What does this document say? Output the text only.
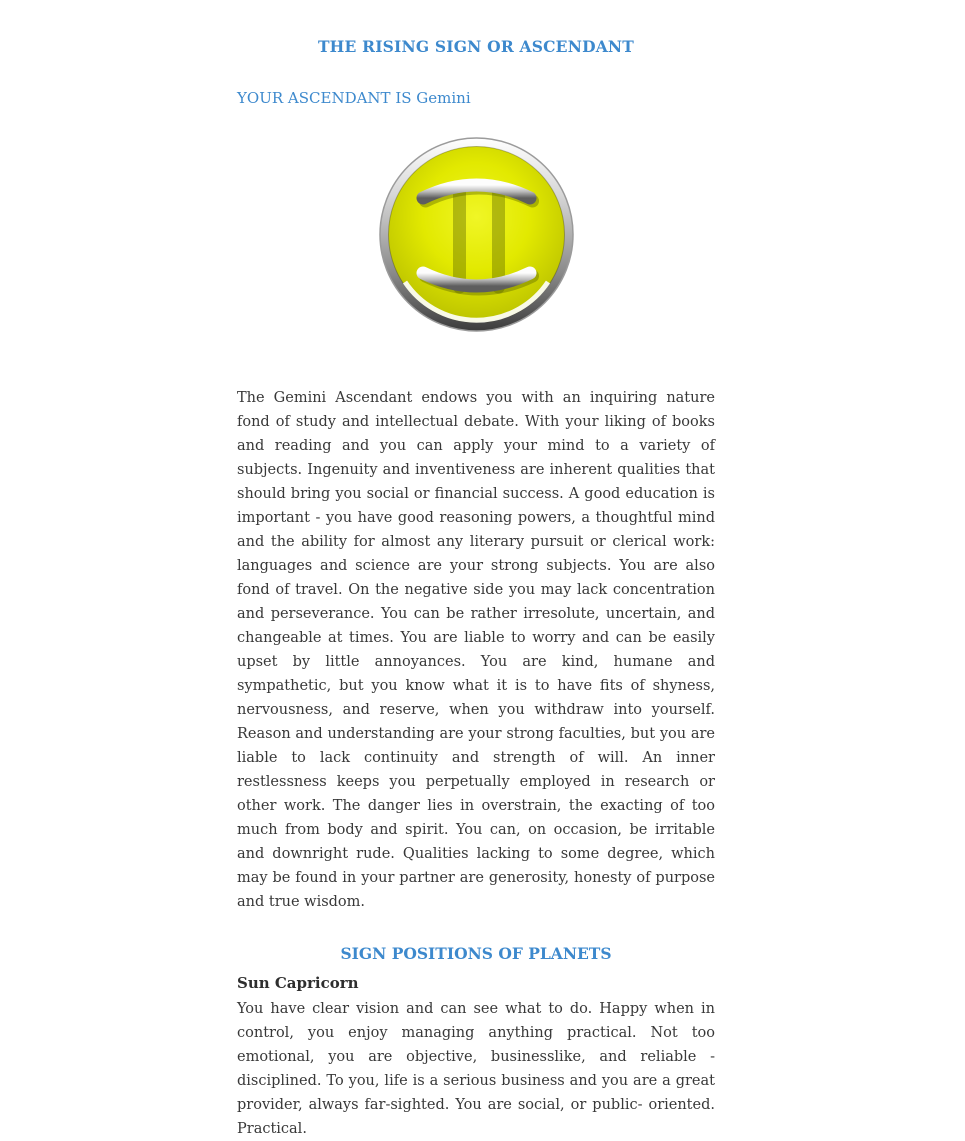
THE RISING SIGN OR ASCENDANT

YOUR ASCENDANT IS Gemini

The Gemini Ascendant endows you with an inquiring nature fond of study and intellectual debate. With your liking of books and reading and you can apply your mind to a variety of subjects. Ingenuity and inventiveness are inherent qualities that should bring you social or financial success. A good education is important - you have good reasoning powers, a thoughtful mind and the ability for almost any literary pursuit or clerical work: languages and science are your strong subjects. You are also fond of travel. On the negative side you may lack concentration and perseverance. You can be rather irresolute, uncertain, and changeable at times. You are liable to worry and can be easily upset by little annoyances. You are kind, humane and sympathetic, but you know what it is to have fits of shyness, nervousness, and reserve, when you withdraw into yourself. Reason and understanding are your strong faculties, but you are liable to lack continuity and strength of will. An inner restlessness keeps you perpetually employed in research or other work. The danger lies in overstrain, the exacting of too much from body and spirit. You can, on occasion, be irritable and downright rude. Qualities lacking to some degree, which may be found in your partner are generosity, honesty of purpose and true wisdom.

SIGN POSITIONS OF PLANETS

Sun Capricorn

You have clear vision and can see what to do. Happy when in control, you enjoy managing anything practical. Not too emotional, you are objective, businesslike, and reliable - disciplined. To you, life is a serious business and you are a great provider, always far-sighted. You are social, or public- oriented. Practical.
